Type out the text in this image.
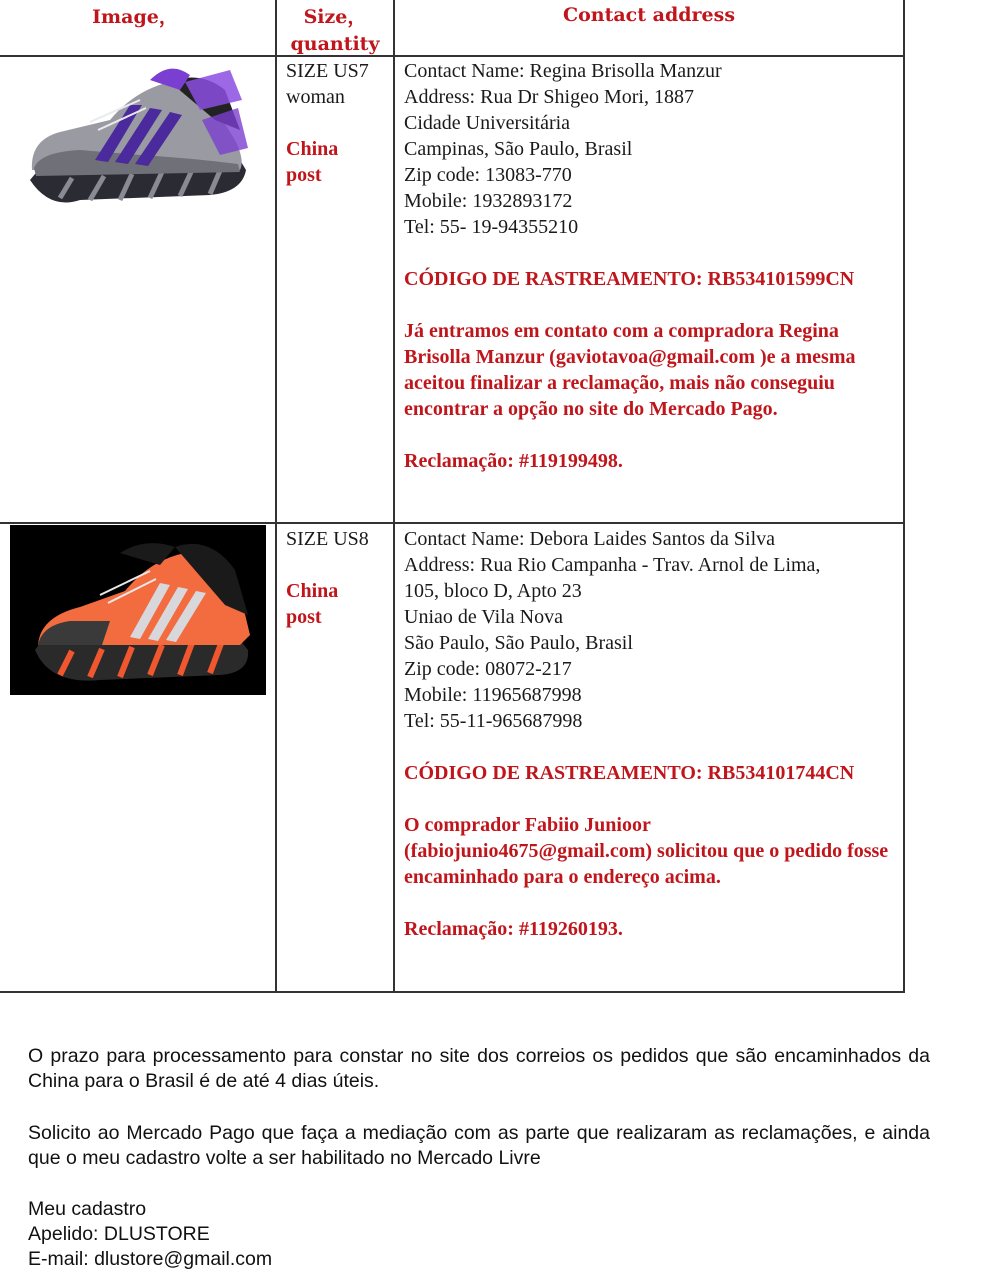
Image，	Size， quantity
Contact address
SIZE US7
woman
China
post
Contact Name: Regina Brisolla Manzur
Address: Rua Dr Shigeo Mori, 1887
Cidade Universitária
Campinas, São Paulo, Brasil
Zip code: 13083-770
Mobile: 1932893172
Tel: 55- 19-94355210
CÓDIGO DE RASTREAMENTO: RB534101599CN
Já entramos em contato com a compradora Regina Brisolla Manzur (gaviotavoa@gmail.com )e a mesma aceitou finalizar a reclamação, mais não conseguiu encontrar a opção no site do Mercado Pago.
Reclamação: #119199498.
SIZE US8
China
post
Contact Name: Debora Laides Santos da Silva
Address: Rua Rio Campanha - Trav. Arnol de Lima,
105, bloco D, Apto 23
Uniao de Vila Nova
São Paulo, São Paulo, Brasil
Zip code: 08072-217
Mobile: 11965687998
Tel: 55-11-965687998
CÓDIGO DE RASTREAMENTO: RB534101744CN
O comprador Fabiio Junioor (fabiojunio4675@gmail.com) solicitou que o pedido fosse encaminhado para o endereço acima.
Reclamação: #119260193.
O prazo para processamento para constar no site dos correios os pedidos que são encaminhados da China para o Brasil é de até 4 dias úteis.
Solicito ao Mercado Pago que faça a mediação com as parte que realizaram as reclamações, e ainda que o meu cadastro volte a ser habilitado no Mercado Livre
Meu cadastro
Apelido: DLUSTORE
E-mail: dlustore@gmail.com
